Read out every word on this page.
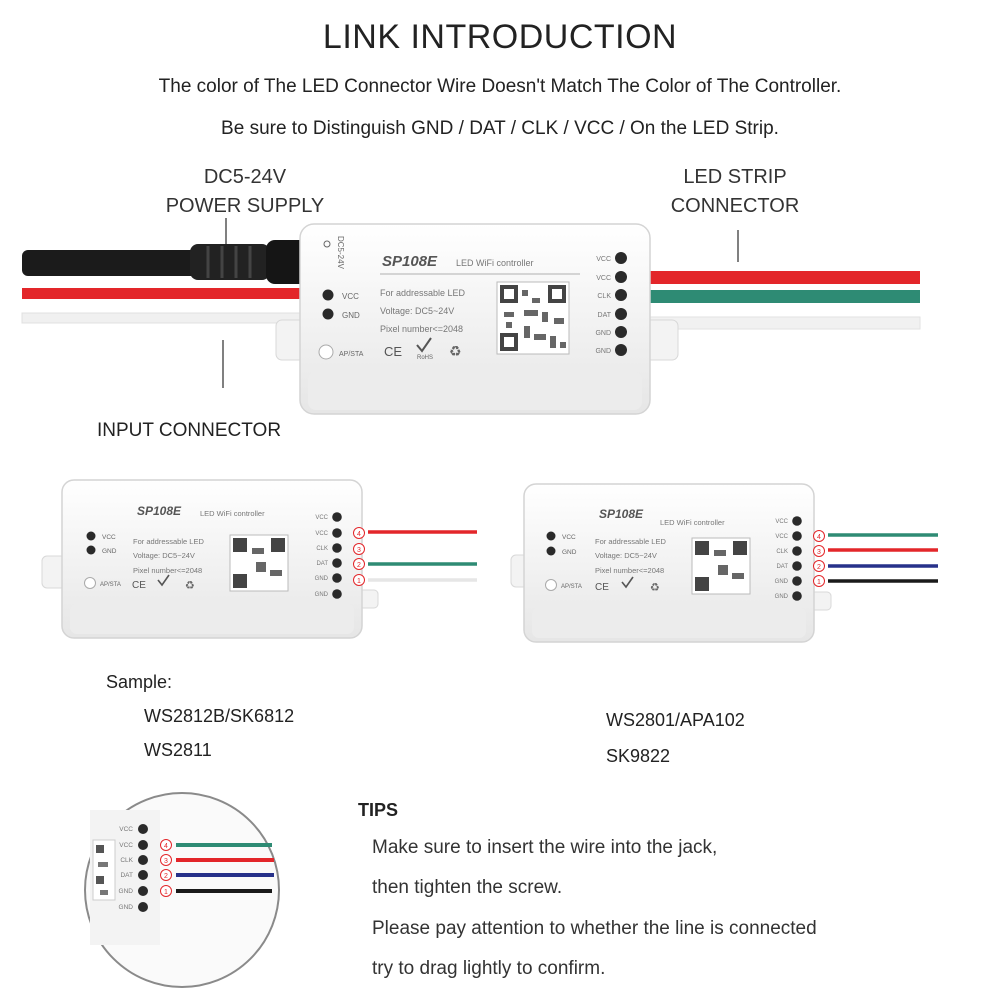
LINK INTRODUCTION
The color of The LED Connector Wire Doesn't Match The Color of The Controller.
Be sure to Distinguish GND / DAT / CLK / VCC / On the LED Strip.
DC5-24V
POWER SUPPLY
LED STRIP
CONNECTOR
INPUT CONNECTOR
DC5-24V SP108E LED WiFi controller
For addressable LED
Voltage: DC5~24V
Pixel number<=2048
VCC
GND
AP/STA CE RoHS ♻
VCC
VCC
CLK
DAT
GND
GND
SP108E	LED WiFi controller
For addressable LED
Voltage: DC5~24V
Pixel number<=2048
VCC
GND
AP/STA CE	♻
VCC
VCC
CLK
DAT
GND
GND
4
3
2
1
SP108E
LED WiFi controller
For addressable LED
Voltage: DC5~24V
Pixel number<=2048
VCC
GND
AP/STA CE	♻
VCC
VCC
CLK
DAT
GND
GND
4
3
2
1
VCC
VCC
CLK
DAT
GND
GND
4
3
2
1
Sample:
WS2812B/SK6812
WS2811
WS2801/APA102
SK9822
TIPS
Make sure to insert the wire into the jack,
then tighten the screw.
Please pay attention to whether the line is connected
try to drag lightly to confirm.
